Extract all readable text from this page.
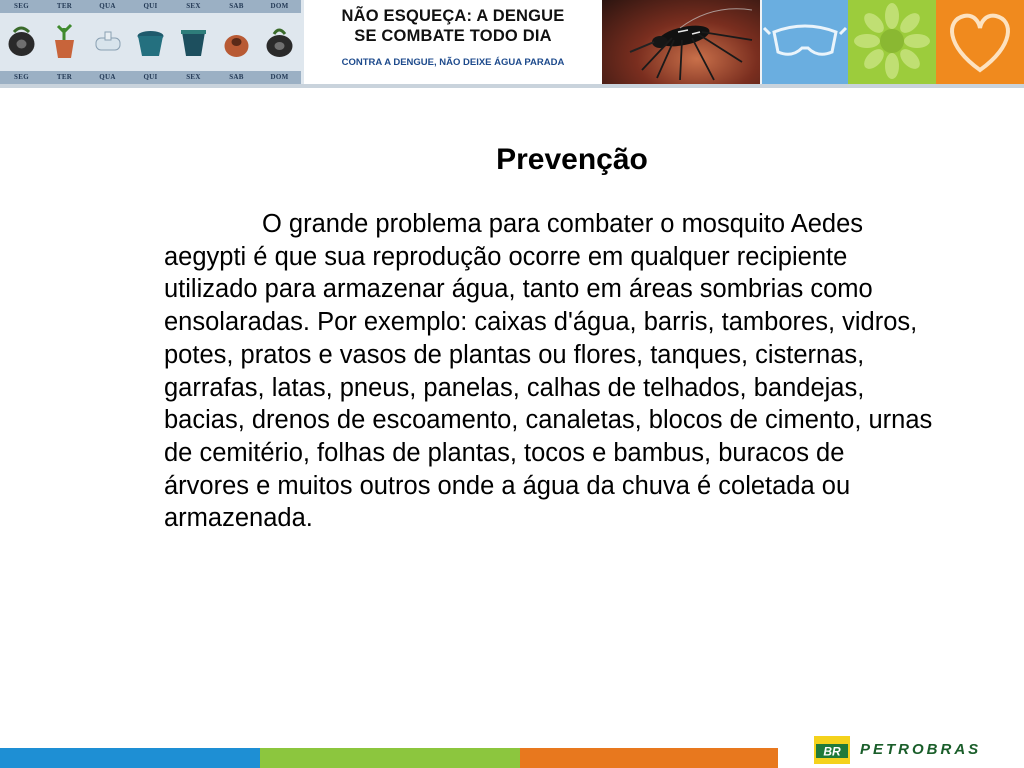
SEG
SEG
TER
TER
QUA
QUA
QUI
QUI
SEX
SEX
SAB
SAB
DOM
DOM
NÃO ESQUEÇA: A DENGUE
SE COMBATE TODO DIA
CONTRA A DENGUE, NÃO DEIXE ÁGUA PARADA
Prevenção

O grande problema para combater o mosquito Aedes aegypti é que sua reprodução ocorre em qualquer recipiente utilizado para armazenar água, tanto em áreas sombrias como ensolaradas. Por exemplo: caixas d'água, barris, tambores, vidros, potes, pratos e vasos de plantas ou flores, tanques, cisternas, garrafas, latas, pneus, panelas, calhas de telhados, bandejas, bacias, drenos de escoamento, canaletas, blocos de cimento, urnas de cemitério, folhas de plantas, tocos e bambus, buracos de árvores e muitos outros onde a água da chuva é coletada ou armazenada.

BR PETROBRAS
